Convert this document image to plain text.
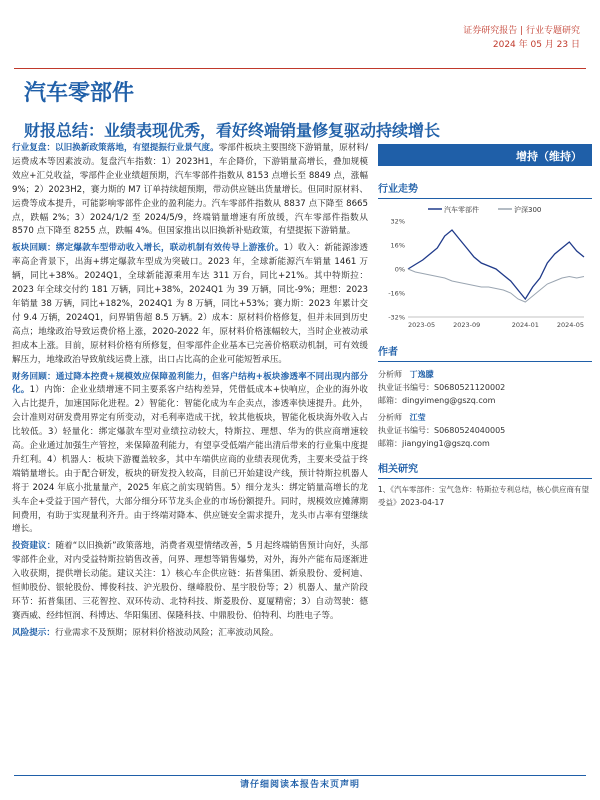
证券研究报告 | 行业专题研究
2024 年 05 月 23 日
汽车零部件
财报总结：业绩表现优秀，看好终端销量修复驱动持续增长

行业复盘：以旧换新政策落地，有望提振行业景气度。零部件板块主要围绕下游销量，原材料/运费成本等因素波动。复盘汽车指数：1）2023H1，车企降价，下游销量高增长，叠加规模效应+汇兑收益，零部件企业业绩超预期，汽车零部件指数从 8153 点增长至 8849 点，涨幅 9%；2）2023H2，赛力斯的 M7 订单持续超预期，带动供应链出货量增长。但同时原材料、运费等成本提升，可能影响零部件企业的盈利能力。汽车零部件指数从 8837 点下降至 8665 点，跌幅 2%；3）2024/1/2 至 2024/5/9，终端销量增速有所放缓，汽车零部件指数从 8570 点下降至 8255 点，跌幅 4%。但国家推出以旧换新补贴政策，有望提振下游销量。

板块回顾：绑定爆款车型带动收入增长，联动机制有效传导上游涨价。1）收入：新能源渗透率高企背景下，出海+绑定爆款车型成为突破口。2023 年，全球新能源汽车销量 1461 万辆，同比+38%。2024Q1，全球新能源乘用车达 311 万台，同比+21%。其中特斯拉：2023 年全球交付约 181 万辆，同比+38%，2024Q1 为 39 万辆，同比-9%；理想：2023 年销量 38 万辆，同比+182%，2024Q1 为 8 万辆，同比+53%；赛力斯：2023 年累计交付 9.4 万辆，2024Q1，问界销售超 8.5 万辆。2）成本：原材料价格修复，但并未回到历史高点；地缘政治导致运费价格上涨，2020-2022 年，原材料价格涨幅较大，当时企业被动承担成本上涨。目前，原材料价格有所修复，但零部件企业基本已完善价格联动机制，可有效缓解压力，地缘政治导致航线运费上涨，出口占比高的企业可能短暂承压。

财务回顾：通过降本控费+规模效应保障盈利能力，但客户结构+板块渗透率不同出现内部分化。1）内饰：企业业绩增速不同主要系客户结构差异，凭借低成本+快响应，企业的海外收入占比提升，加速国际化进程。2）智能化：智能化成为车企卖点，渗透率快速提升。此外，会计准则对研发费用界定有所变动，对毛利率造成干扰，较其他板块，智能化板块海外收入占比较低。3）轻量化：绑定爆款车型对业绩拉动较大，特斯拉、理想、华为的供应商增速较高。企业通过加强生产管控，来保障盈利能力，有望享受低端产能出清后带来的行业集中度提升红利。4）机器人：板块下游覆盖较多，其中车端供应商的业绩表现优秀，主要来受益于终端销量增长。由于配合研发，板块的研发投入较高，目前已开始建设产线，预计特斯拉机器人将于 2024 年底小批量量产，2025 年底之前实现销售。5）细分龙头：绑定销量高增长的龙头车企+受益于国产替代，大部分细分环节龙头企业的市场份额提升。同时，规模效应摊薄期间费用，有助于实现量利齐升。由于终端对降本、供应链安全需求提升，龙头市占率有望继续增长。

投资建议：随着“以旧换新”政策落地，消费者观望情绪改善，5 月起终端销售预计向好，头部零部件企业，对内受益特斯拉销售改善，问界、理想等销售爆势，对外，海外产能布局逐渐进入收获期，提供增长动能。建议关注：1）核心车企供应链：拓普集团、新泉股份、爱柯迪、恒帅股份、银轮股份、博俊科技、沪光股份、继峰股份、星宇股份等；2）机器人、量产阶段环节：拓普集团、三花智控、双环传动、北特科技、斯菱股份、夏厦精密；3）自动驾驶：德赛西威、经纬恒润、科博达、华阳集团、保隆科技、中鼎股份、伯特利、均胜电子等。

风险提示：行业需求不及预期；原材料价格波动风险；汇率波动风险。

增持（维持）
行业走势
汽车零部件	沪深300
32%
16%
0%
-16%
-32%
2023-05	2023-09	2024-01	2024-05
作者
分析师 丁逸朦
执业证书编号：S0680521120002
邮箱：dingyimeng@gszq.com
分析师 江莹
执业证书编号：S0680524040005
邮箱：jiangying1@gszq.com
相关研究
1、《汽车零部件：宝气急炸：特斯拉专利总结，核心供应商有望受益》2023-04-17
请仔细阅读本报告末页声明
